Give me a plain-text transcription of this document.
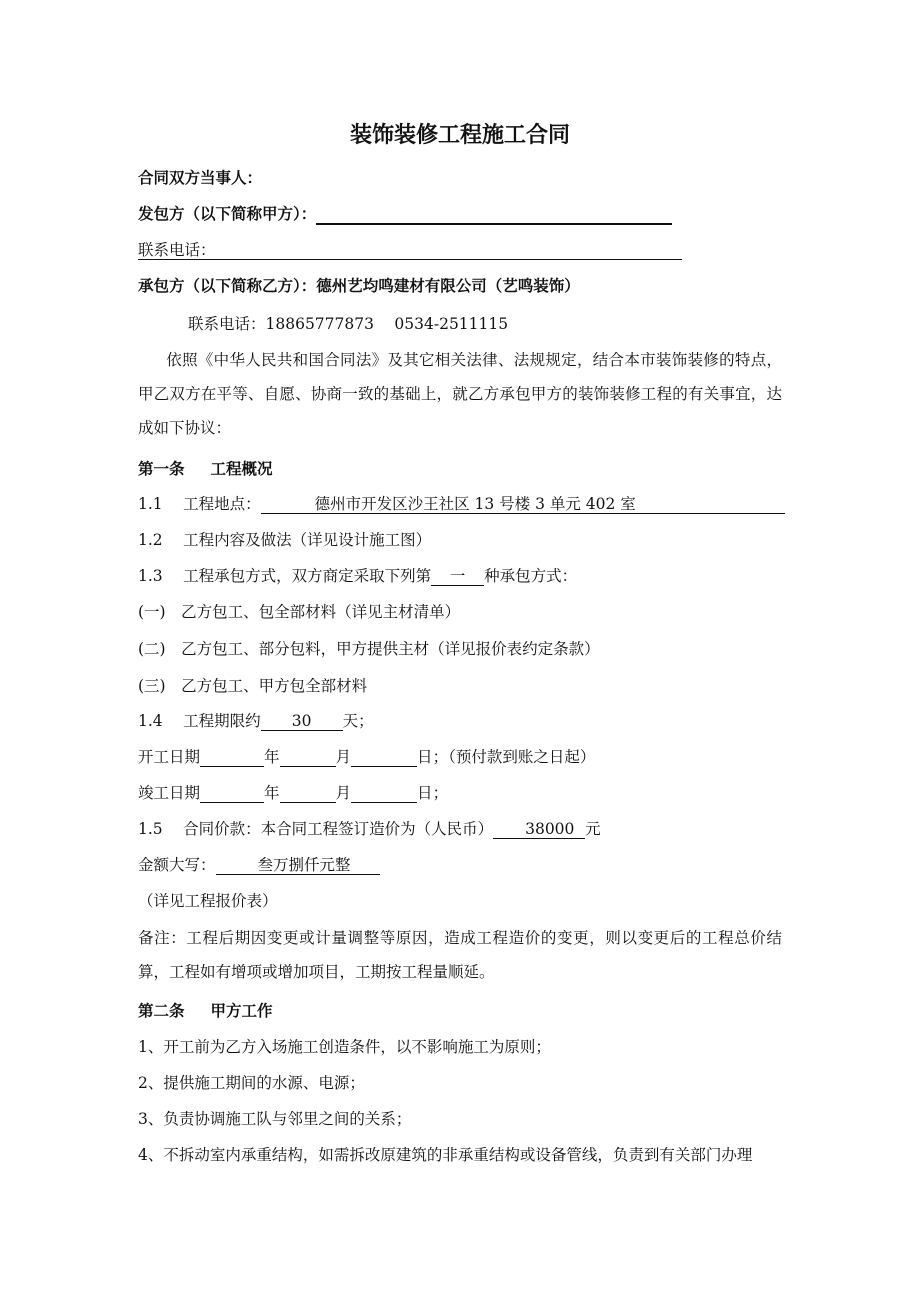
装饰装修工程施工合同
合同双方当事人：
发包方（以下简称甲方）：
联系电话：
承包方（以下简称乙方）：德州艺均鸣建材有限公司（艺鸣装饰）
联系电话：18865777873　 0534-2511115
依照《中华人民共和国合同法》及其它相关法律、法规规定，结合本市装饰装修的特点，甲乙双方在平等、自愿、协商一致的基础上，就乙方承包甲方的装饰装修工程的有关事宜，达成如下协议：
第一条 工程概况
1.1　 工程地点：	德州市开发区沙王社区 13 号楼 3 单元 402 室
1.2　 工程内容及做法（详见设计施工图）
1.3　 工程承包方式，双方商定采取下列第 一 种承包方式：
(一)　乙方包工、包全部材料（详见主材清单）
(二)　乙方包工、部分包料，甲方提供主材（详见报价表约定条款）
(三)　乙方包工、甲方包全部材料
1.4　 工程期限约 30 天；
开工日期	年	月	日；（预付款到账之日起）
竣工日期	年	月	日；
1.5　 合同价款：本合同工程签订造价为（人民币） 38000 元
金额大写：	叁万捌仟元整
（详见工程报价表）
备注：工程后期因变更或计量调整等原因，造成工程造价的变更，则以变更后的工程总价结算，工程如有增项或增加项目，工期按工程量顺延。
第二条 甲方工作
1、开工前为乙方入场施工创造条件，以不影响施工为原则；
2、提供施工期间的水源、电源；
3、负责协调施工队与邻里之间的关系；
4、不拆动室内承重结构，如需拆改原建筑的非承重结构或设备管线，负责到有关部门办理
